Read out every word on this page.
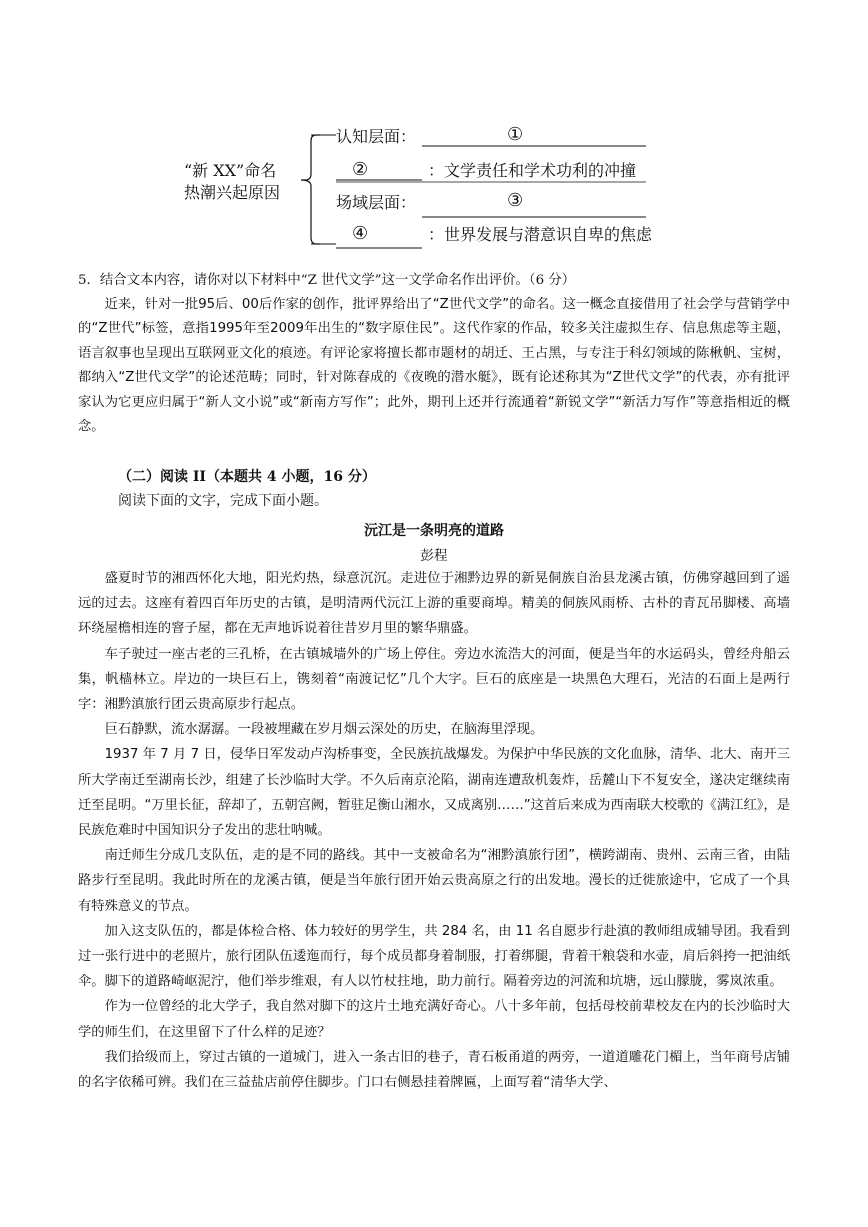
“新 XX”命名
热潮兴起原因
认知层面：	①
②	：文学责任和学术功利的冲撞
场域层面：	③
④	：世界发展与潜意识自卑的焦虑
5．结合文本内容，请你对以下材料中“Z 世代文学”这一文学命名作出评价。（6 分）

近来，针对一批95后、00后作家的创作，批评界给出了“Z世代文学”的命名。这一概念直接借用了社会学与营销学中的“Z世代”标签，意指1995年至2009年出生的“数字原住民”。这代作家的作品，较多关注虚拟生存、信息焦虑等主题，语言叙事也呈现出互联网亚文化的痕迹。有评论家将擅长都市题材的胡迁、王占黑，与专注于科幻领域的陈楸帆、宝树，都纳入“Z世代文学”的论述范畴；同时，针对陈春成的《夜晚的潜水艇》，既有论述称其为“Z世代文学”的代表，亦有批评家认为它更应归属于“新人文小说”或“新南方写作”；此外，期刊上还并行流通着“新锐文学”“新活力写作”等意指相近的概念。

（二）阅读 II（本题共 4 小题，16 分）
阅读下面的文字，完成下面小题。
沅江是一条明亮的道路
彭程

盛夏时节的湘西怀化大地，阳光灼热，绿意沉沉。走进位于湘黔边界的新晃侗族自治县龙溪古镇，仿佛穿越回到了遥远的过去。这座有着四百年历史的古镇，是明清两代沅江上游的重要商埠。精美的侗族风雨桥、古朴的青瓦吊脚楼、高墙环绕屋檐相连的窨子屋，都在无声地诉说着往昔岁月里的繁华鼎盛。

车子驶过一座古老的三孔桥，在古镇城墙外的广场上停住。旁边水流浩大的河面，便是当年的水运码头，曾经舟船云集，帆樯林立。岸边的一块巨石上，镌刻着“南渡记忆”几个大字。巨石的底座是一块黑色大理石，光洁的石面上是两行字：湘黔滇旅行团云贵高原步行起点。

巨石静默，流水潺潺。一段被埋藏在岁月烟云深处的历史，在脑海里浮现。

1937 年 7 月 7 日，侵华日军发动卢沟桥事变，全民族抗战爆发。为保护中华民族的文化血脉，清华、北大、南开三所大学南迁至湖南长沙，组建了长沙临时大学。不久后南京沦陷，湖南连遭敌机轰炸，岳麓山下不复安全，遂决定继续南迁至昆明。“万里长征，辞却了，五朝宫阙，暂驻足衡山湘水，又成离别……”这首后来成为西南联大校歌的《满江红》，是民族危难时中国知识分子发出的悲壮呐喊。

南迁师生分成几支队伍，走的是不同的路线。其中一支被命名为“湘黔滇旅行团”，横跨湖南、贵州、云南三省，由陆路步行至昆明。我此时所在的龙溪古镇，便是当年旅行团开始云贵高原之行的出发地。漫长的迁徙旅途中，它成了一个具有特殊意义的节点。

加入这支队伍的，都是体检合格、体力较好的男学生，共 284 名，由 11 名自愿步行赴滇的教师组成辅导团。我看到过一张行进中的老照片，旅行团队伍逶迤而行，每个成员都身着制服，打着绑腿，背着干粮袋和水壶，肩后斜挎一把油纸伞。脚下的道路崎岖泥泞，他们举步维艰，有人以竹杖拄地，助力前行。隔着旁边的河流和坑塘，远山朦胧，雾岚浓重。

作为一位曾经的北大学子，我自然对脚下的这片土地充满好奇心。八十多年前，包括母校前辈校友在内的长沙临时大学的师生们，在这里留下了什么样的足迹？

我们拾级而上，穿过古镇的一道城门，进入一条古旧的巷子，青石板甬道的两旁，一道道雕花门楣上，当年商号店铺的名字依稀可辨。我们在三益盐店前停住脚步。门口右侧悬挂着牌匾，上面写着“清华大学、
